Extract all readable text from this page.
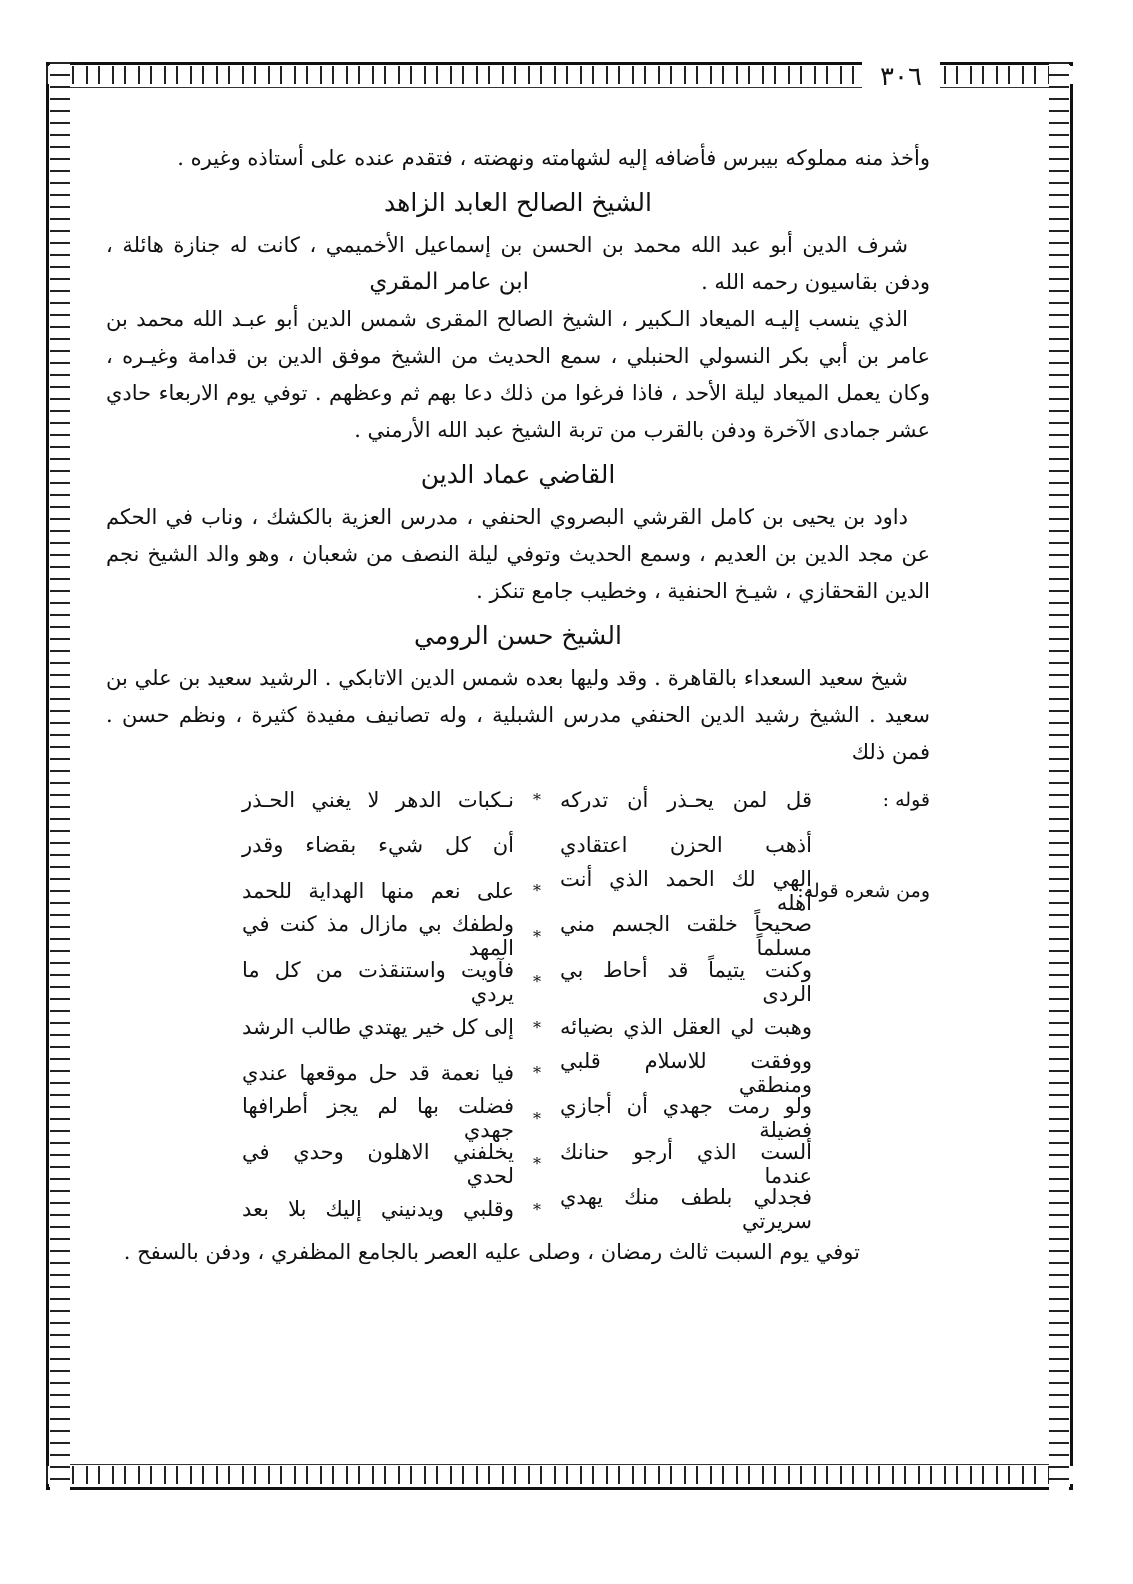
٣٠٦

وأخذ منه مملوكه بيبرس فأضافه إليه لشهامته ونهضته ، فتقدم عنده على أستاذه وغيره .

الشيخ الصالح العابد الزاهد

شرف الدين أبو عبد الله محمد بن الحسن بن إسماعيل الأخميمي ، كانت له جنازة هائلة ، ودفن بقاسيون رحمه الله .ابن عامر المقري

الذي ينسب إليـه الميعاد الـكبير ، الشيخ الصالح المقرى شمس الدين أبو عبـد الله محمد بن عامر بن أبي بكر النسولي الحنبلي ، سمع الحديث من الشيخ موفق الدين بن قدامة وغيـره ، وكان يعمل الميعاد ليلة الأحد ، فاذا فرغوا من ذلك دعا بهم ثم وعظهم . توفي يوم الاربعاء حادي عشر جمادى الآخرة ودفن بالقرب من تربة الشيخ عبد الله الأرمني .

القاضي عماد الدين

داود بن يحيى بن كامل القرشي البصروي الحنفي ، مدرس العزية بالكشك ، وناب في الحكم عن مجد الدين بن العديم ، وسمع الحديث وتوفي ليلة النصف من شعبان ، وهو والد الشيخ نجم الدين القحقازي ، شيـخ الحنفية ، وخطيب جامع تنكز .

الشيخ حسن الرومي

شيخ سعيد السعداء بالقاهرة . وقد وليها بعده شمس الدين الاتابكي . الرشيد سعيد بن علي بن سعيد . الشيخ رشيد الدين الحنفي مدرس الشبلية ، وله تصانيف مفيدة كثيرة ، ونظم حسن . فمن ذلك

قوله :
قل لمن يحـذر أن تدركه
*
نـكبات الدهر لا يغني الحـذر
أذهب الحزن اعتقادي
أن كل شيء بقضاء وقدر
ومن شعره قوله:
الهي لك الحمد الذي أنت أهله
*
على نعم منها الهداية للحمد
صحيحاً خلقت الجسم مني مسلماً
*
ولطفك بي مازال مذ كنت في المهد
وكنت يتيماً قد أحاط بي الردى
*
فآويت واستنقذت من كل ما يردي
وهبت لي العقل الذي بضيائه
*
إلى كل خير يهتدي طالب الرشد
ووفقت للاسلام قلبي ومنطقي
*
فيا نعمة قد حل موقعها عندي
ولو رمت جهدي أن أجازي فضيلة
*
فضلت بها لم يجز أطرافها جهدي
ألست الذي أرجو حنانك عندما
*
يخلفني الاهلون وحدي في لحدي
فجدلي بلطف منك يهدي سريرتي
*
وقلبي ويدنيني إليك بلا بعد

توفي يوم السبت ثالث رمضان ، وصلى عليه العصر بالجامع المظفري ، ودفن بالسفح .
